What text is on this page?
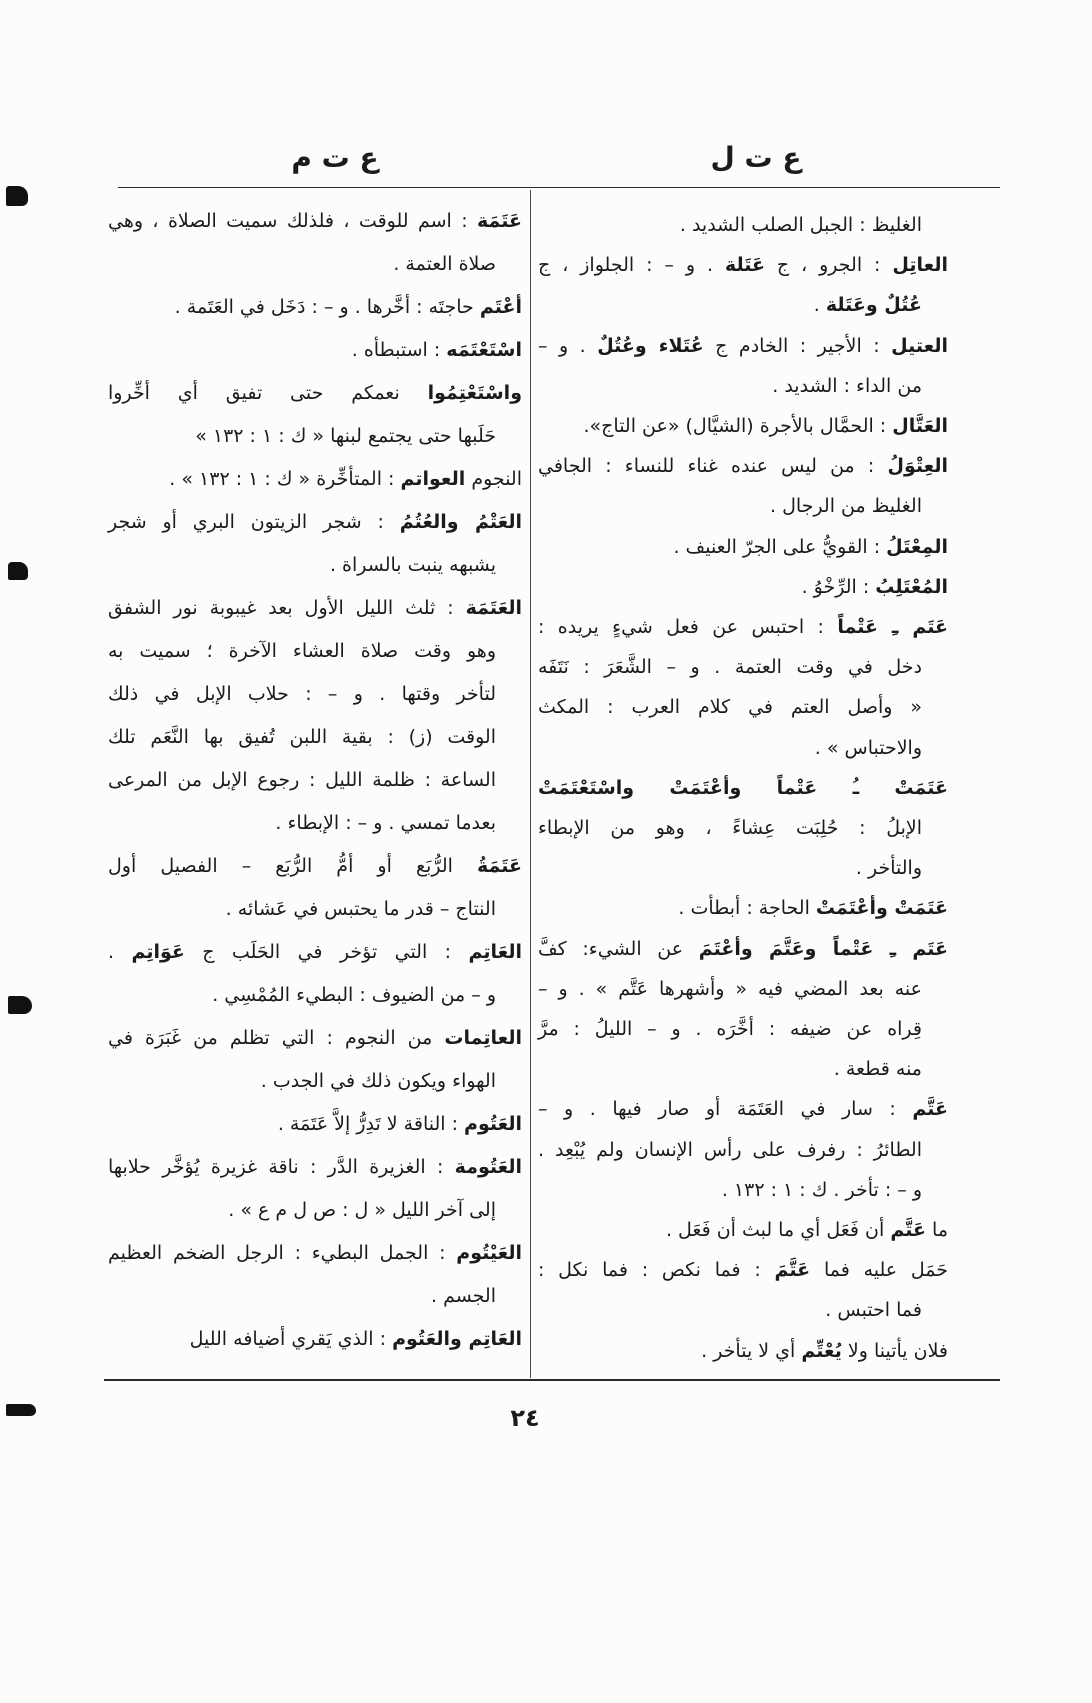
ع ت ل
ع ت م
الغليظ : الجبل الصلب الشديد .
العاتِل : الجرو ، ج عَتَلة . و – : الجلواز ، ج
عُتُلٌ وعَتَلة .
العتيل : الأجير : الخادم ج عُتَلاء وعُتُلٌ . و –
من الداء : الشديد .
العَتَّال : الحمَّال بالأجرة (الشيَّال) «عن التاج».
العِتْوَلُ : من ليس عنده غناء للنساء : الجافي
الغليظ من الرجال .
المِعْتَلُ : القويُّ على الجرّ العنيف .
المُعْتَلِبُ : الرِّخْوُ .
عَتَم ـِ عَتْماً : احتبس عن فعل شيءٍ يريده :
دخل في وقت العتمة . و – الشَّعَرَ : نَتَفَه
« وأصل العتم في كلام العرب : المكث
والاحتباس » .
عَتَمَتْ ـُ عَتْماً وأعْتَمَتْ واسْتَعْتَمَتْ
الإبلُ : حُلِبَت عِشاءً ، وهو من الإبطاء
والتأخر .
عَتَمَتْ وأعْتَمَتْ الحاجة : أبطأت .
عَتَم ـِ عَتْماً وعَتَّمَ وأعْتَمَ عن الشيء: كفَّ
عنه بعد المضي فيه « وأشهرها عَتَّم » . و –
قِراه عن ضيفه : أخَّرَه . و – الليلُ : مرَّ
منه قطعة .
عَتَّم : سار في العَتَمَة أو صار فيها . و –
الطائرُ : رفرف على رأس الإنسان ولم يُبْعِد .
و – : تأخر . ك : ١ : ١٣٢ .
ما عَتَّم أن فَعَل أي ما لبث أن فَعَل .
حَمَل عليه فما عَتَّمَ : فما نكص : فما نكل :
فما احتبس .
فلان يأتينا ولا يُعْتِّم أي لا يتأخر .
عَتَمَة : اسم للوقت ، فلذلك سميت الصلاة ، وهي
صلاة العتمة .
أعْتَم حاجتَه : أخَّرها . و – : دَخَل في العَتَمة .
اسْتَعْتَمَه : استبطأه .
واسْتَعْتِمُوا نعمكم حتى تفيق أي أخِّروا
حَلَبها حتى يجتمع لبنها « ك : ١ : ١٣٢ »
النجوم العواتم : المتأخِّرة « ك : ١ : ١٣٢ » .
العَتْمُ والعُتُمُ : شجر الزيتون البري أو شجر
يشبهه ينبت بالسراة .
العَتَمَة : ثلث الليل الأول بعد غيبوبة نور الشفق
وهو وقت صلاة العشاء الآخرة ؛ سميت به
لتأخر وقتها . و – : حلاب الإبل في ذلك
الوقت (ز) : بقية اللبن تُفيق بها النَّعَم تلك
الساعة : ظلمة الليل : رجوع الإبل من المرعى
بعدما تمسي . و – : الإبطاء .
عَتَمَةُ الرُّبَع أو أمُّ الرُّبَع – الفصيل أول
النتاج – قدر ما يحتبس في عَشائه .
العَاتِم : التي تؤخر في الحَلَب ج عَوَاتِم .
و – من الضيوف : البطيء المُمْسِي .
العاتِمات من النجوم : التي تظلم من غَبَرَة في
الهواء ويكون ذلك في الجدب .
العَتُوم : الناقة لا تَدِرُّ إلاَّ عَتَمَة .
العَتُومة : الغزيرة الدَّر : ناقة غزيرة يُؤخَّر حلابها
إلى آخر الليل « ل : ص ل م ع » .
العَيْتُوم : الجمل البطيء : الرجل الضخم العظيم
الجسم .
العَاتِم والعَتُوم : الذي يَقري أضيافه الليل
٢٤
